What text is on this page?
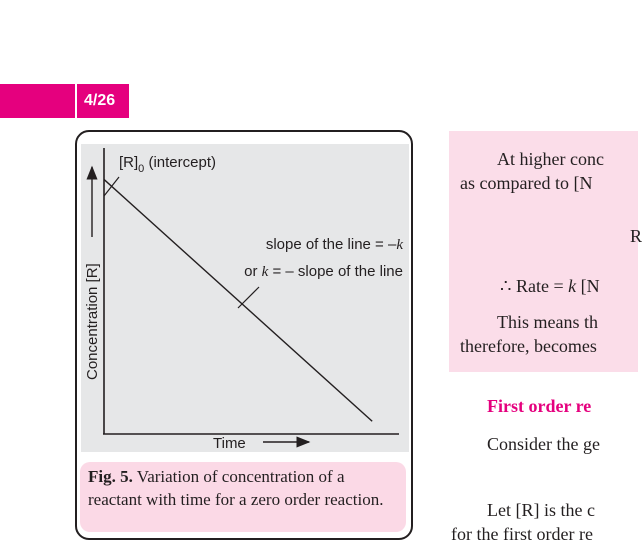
4/26
Concentration [R]
Time
$[R]_0$ (intercept)
slope of the line = –k
or k = – slope of the line
Fig. 5. Variation of concentration of a reactant with time for a zero order reaction.
At higher conc
as compared to [N
R
∴ Rate = k [N
This means th
therefore, becomes
First order re
Consider the ge
Let [R] is the c
for the first order re
